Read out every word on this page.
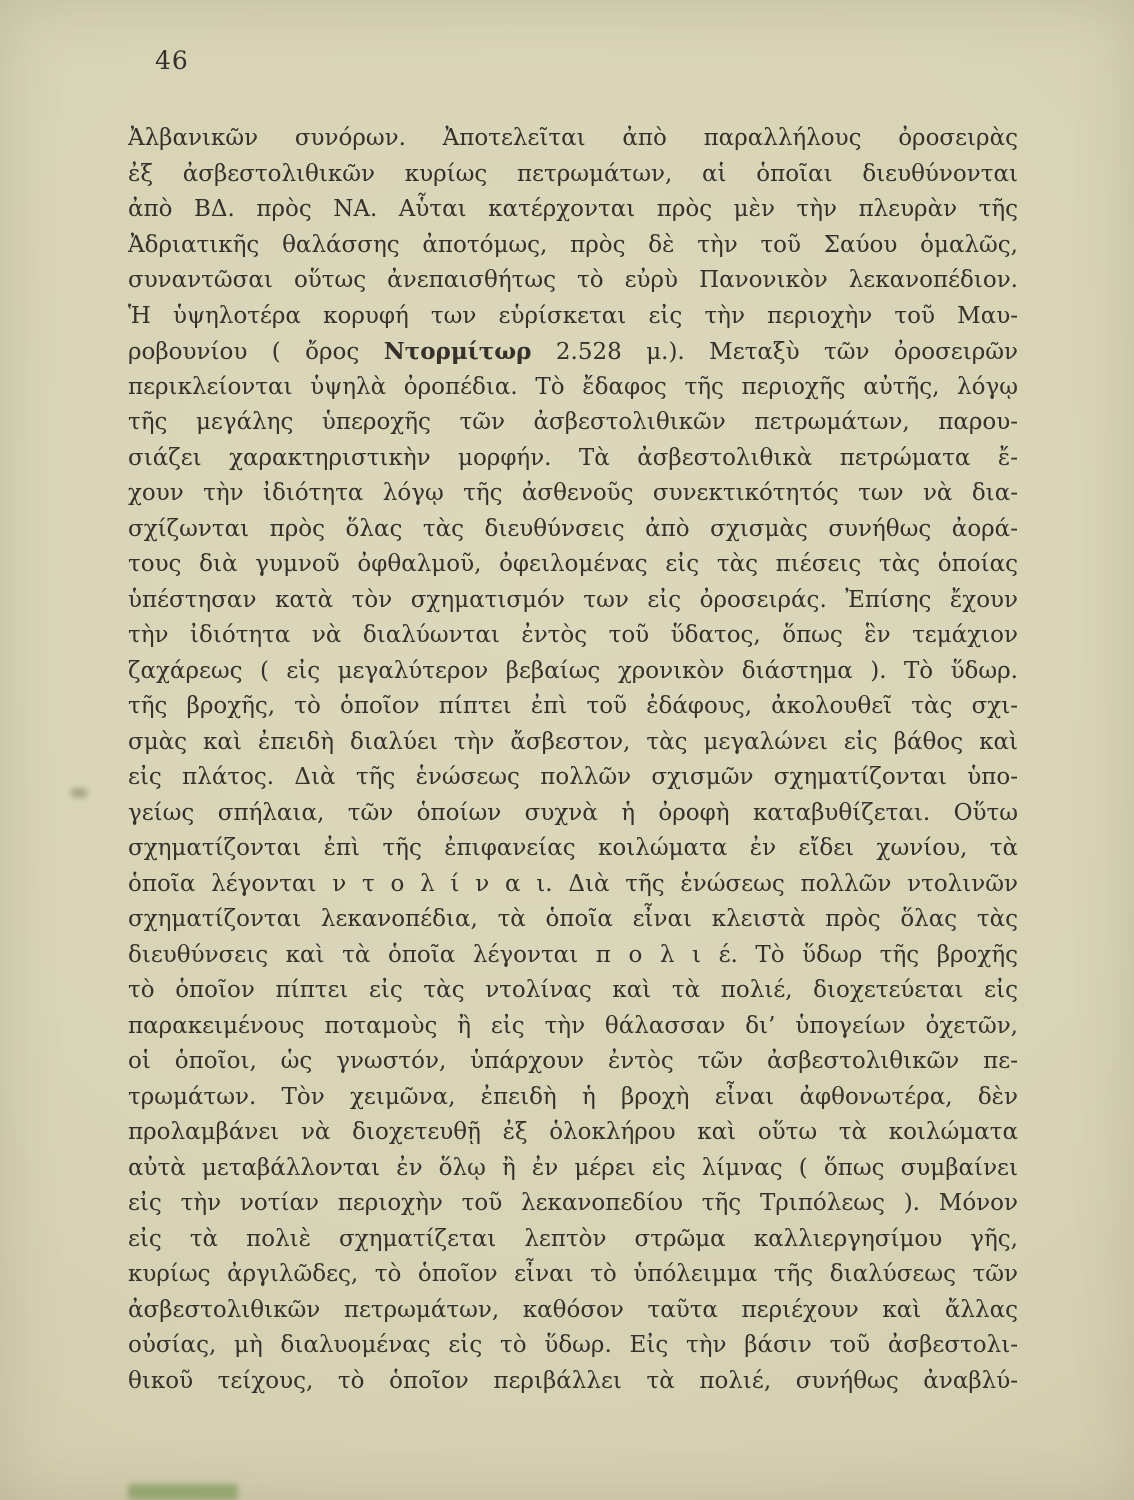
46

Ἀλβανικῶν συνόρων. Ἀποτελεῖται ἀπὸ παραλλήλους ὀροσειρὰς

ἐξ ἀσβεστολιθικῶν κυρίως πετρωμάτων, αἱ ὁποῖαι διευθύνονται

ἀπὸ ΒΔ. πρὸς ΝΑ. Αὗται κατέρχονται πρὸς μὲν τὴν πλευρὰν τῆς

Ἀδριατικῆς θαλάσσης ἀποτόμως, πρὸς δὲ τὴν τοῦ Σαύου ὁμαλῶς,

συναντῶσαι οὕτως ἀνεπαισθήτως τὸ εὐρὺ Πανονικὸν λεκανοπέδιον.

Ἡ ὑψηλοτέρα κορυφή των εὑρίσκεται εἰς τὴν περιοχὴν τοῦ Μαυ-

ροβουνίου ( ὄρος Ντορμίτωρ 2.528 μ.). Μεταξὺ τῶν ὀροσειρῶν

περικλείονται ὑψηλὰ ὀροπέδια. Τὸ ἔδαφος τῆς περιοχῆς αὐτῆς, λόγῳ

τῆς μεγάλης ὑπεροχῆς τῶν ἀσβεστολιθικῶν πετρωμάτων, παρου-

σιάζει χαρακτηριστικὴν μορφήν. Τὰ ἀσβεστολιθικὰ πετρώματα ἔ-

χουν τὴν ἰδιότητα λόγῳ τῆς ἀσθενοῦς συνεκτικότητός των νὰ δια-

σχίζωνται πρὸς ὅλας τὰς διευθύνσεις ἀπὸ σχισμὰς συνήθως ἀορά-

τους διὰ γυμνοῦ ὀφθαλμοῦ, ὀφειλομένας εἰς τὰς πιέσεις τὰς ὁποίας

ὑπέστησαν κατὰ τὸν σχηματισμόν των εἰς ὀροσειράς. Ἐπίσης ἔχουν

τὴν ἰδιότητα νὰ διαλύωνται ἐντὸς τοῦ ὕδατος, ὅπως ἓν τεμάχιον

ζαχάρεως ( εἰς μεγαλύτερον βεβαίως χρονικὸν διάστημα ). Τὸ ὕδωρ.

τῆς βροχῆς, τὸ ὁποῖον πίπτει ἐπὶ τοῦ ἐδάφους, ἀκολουθεῖ τὰς σχι-

σμὰς καὶ ἐπειδὴ διαλύει τὴν ἄσβεστον, τὰς μεγαλώνει εἰς βάθος καὶ

εἰς πλάτος. Διὰ τῆς ἑνώσεως πολλῶν σχισμῶν σχηματίζονται ὑπο-

γείως σπήλαια, τῶν ὁποίων συχνὰ ἡ ὀροφὴ καταβυθίζεται. Οὕτω

σχηματίζονται ἐπὶ τῆς ἐπιφανείας κοιλώματα ἐν εἴδει χωνίου, τὰ

ὁποῖα λέγονται ν τ ο λ ί ν α ι. Διὰ τῆς ἑνώσεως πολλῶν ντολινῶν

σχηματίζονται λεκανοπέδια, τὰ ὁποῖα εἶναι κλειστὰ πρὸς ὅλας τὰς

διευθύνσεις καὶ τὰ ὁποῖα λέγονται π ο λ ι έ. Τὸ ὕδωρ τῆς βροχῆς

τὸ ὁποῖον πίπτει εἰς τὰς ντολίνας καὶ τὰ πολιέ, διοχετεύεται εἰς

παρακειμένους ποταμοὺς ἢ εἰς τὴν θάλασσαν δι’ ὑπογείων ὀχετῶν,

οἱ ὁποῖοι, ὡς γνωστόν, ὑπάρχουν ἐντὸς τῶν ἀσβεστολιθικῶν πε-

τρωμάτων. Τὸν χειμῶνα, ἐπειδὴ ἡ βροχὴ εἶναι ἀφθονωτέρα, δὲν

προλαμβάνει νὰ διοχετευθῇ ἐξ ὁλοκλήρου καὶ οὕτω τὰ κοιλώματα

αὐτὰ μεταβάλλονται ἐν ὅλῳ ἢ ἐν μέρει εἰς λίμνας ( ὅπως συμβαίνει

εἰς τὴν νοτίαν περιοχὴν τοῦ λεκανοπεδίου τῆς Τριπόλεως ). Μόνον

εἰς τὰ πολιὲ σχηματίζεται λεπτὸν στρῶμα καλλιεργησίμου γῆς,

κυρίως ἀργιλῶδες, τὸ ὁποῖον εἶναι τὸ ὑπόλειμμα τῆς διαλύσεως τῶν

ἀσβεστολιθικῶν πετρωμάτων, καθόσον ταῦτα περιέχουν καὶ ἄλλας

οὐσίας, μὴ διαλυομένας εἰς τὸ ὕδωρ. Εἰς τὴν βάσιν τοῦ ἀσβεστολι-

θικοῦ τείχους, τὸ ὁποῖον περιβάλλει τὰ πολιέ, συνήθως ἀναβλύ-
